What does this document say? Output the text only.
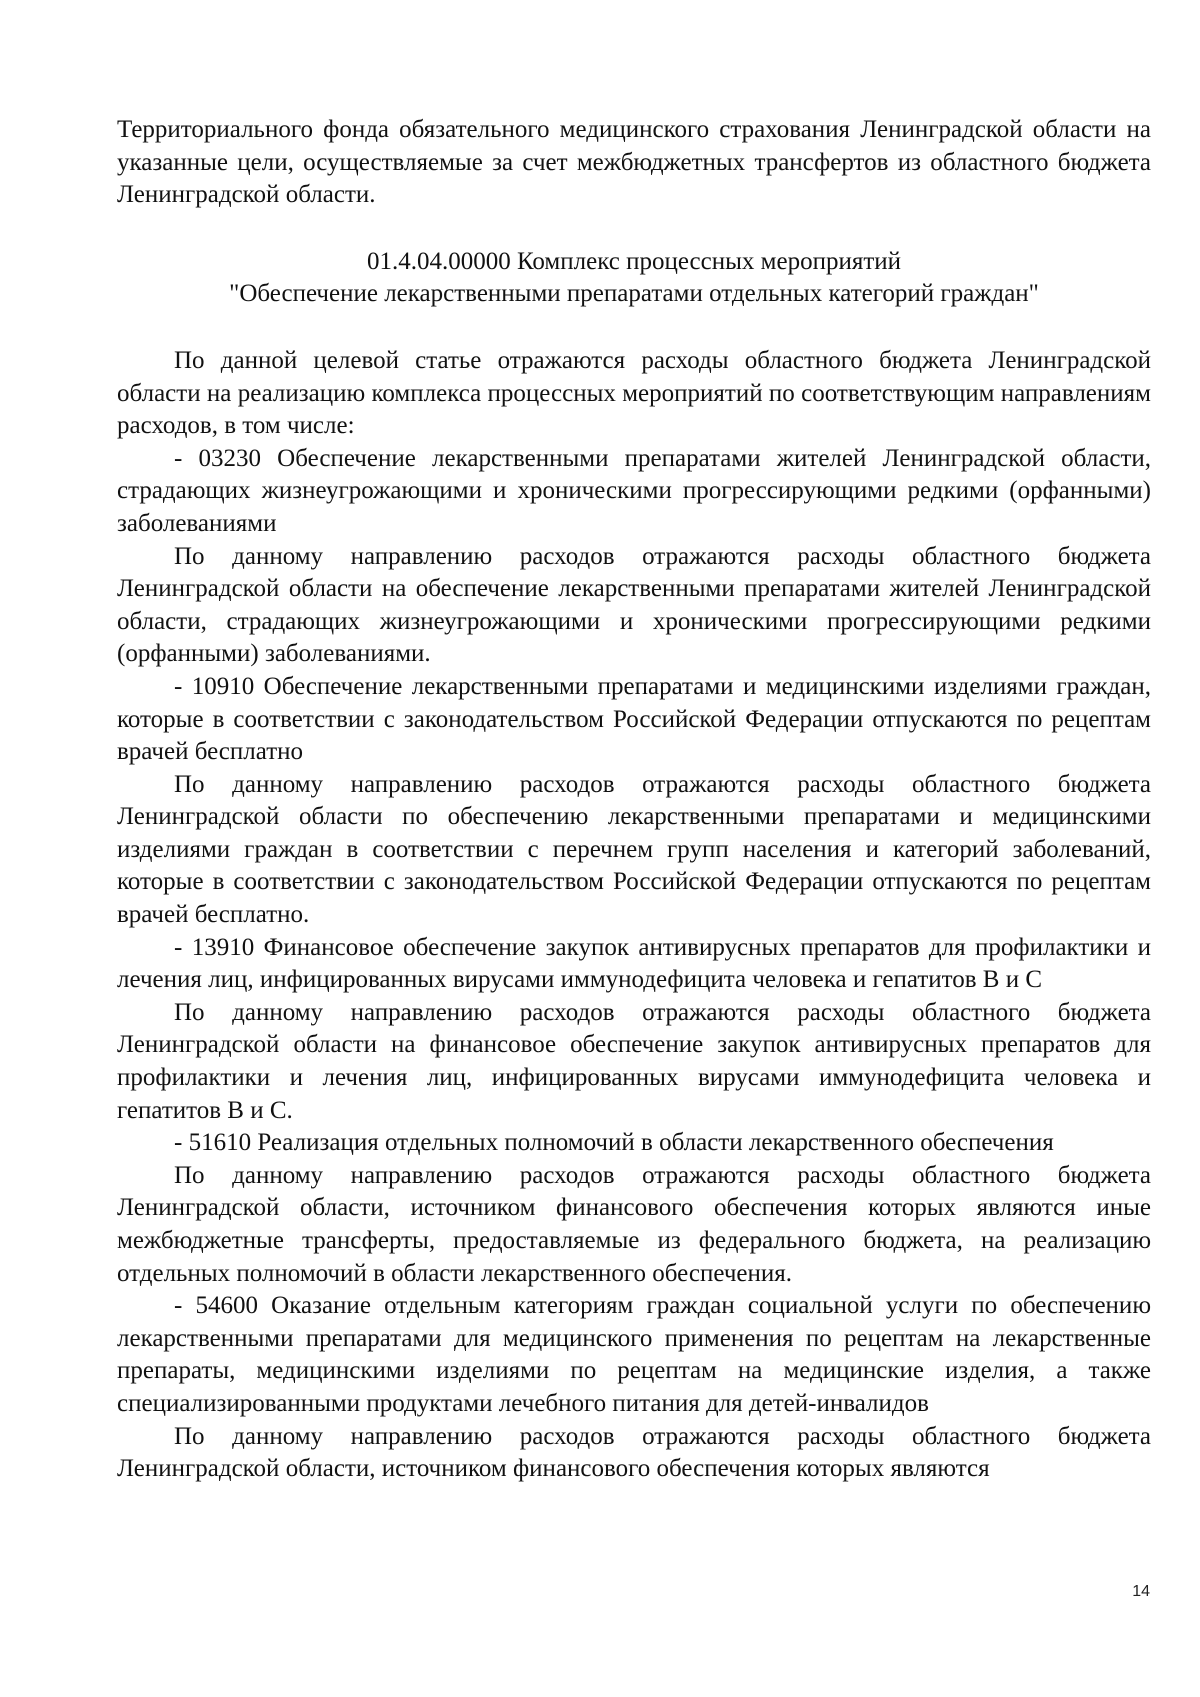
Территориального фонда обязательного медицинского страхования Ленинградской области на указанные цели, осуществляемые за счет межбюджетных трансфертов из областного бюджета Ленинградской области.

01.4.04.00000 Комплекс процессных мероприятий
"Обеспечение лекарственными препаратами отдельных категорий граждан"

По данной целевой статье отражаются расходы областного бюджета Ленинградской области на реализацию комплекса процессных мероприятий по соответствующим направлениям расходов, в том числе:

- 03230 Обеспечение лекарственными препаратами жителей Ленинградской области, страдающих жизнеугрожающими и хроническими прогрессирующими редкими (орфанными) заболеваниями

По данному направлению расходов отражаются расходы областного бюджета Ленинградской области на обеспечение лекарственными препаратами жителей Ленинградской области, страдающих жизнеугрожающими и хроническими прогрессирующими редкими (орфанными) заболеваниями.

- 10910 Обеспечение лекарственными препаратами и медицинскими изделиями граждан, которые в соответствии с законодательством Российской Федерации отпускаются по рецептам врачей бесплатно

По данному направлению расходов отражаются расходы областного бюджета Ленинградской области по обеспечению лекарственными препаратами и медицинскими изделиями граждан в соответствии с перечнем групп населения и категорий заболеваний, которые в соответствии с законодательством Российской Федерации отпускаются по рецептам врачей бесплатно.

- 13910 Финансовое обеспечение закупок антивирусных препаратов для профилактики и лечения лиц, инфицированных вирусами иммунодефицита человека и гепатитов В и С

По данному направлению расходов отражаются расходы областного бюджета Ленинградской области на финансовое обеспечение закупок антивирусных препаратов для профилактики и лечения лиц, инфицированных вирусами иммунодефицита человека и гепатитов В и С.

- 51610 Реализация отдельных полномочий в области лекарственного обеспечения

По данному направлению расходов отражаются расходы областного бюджета Ленинградской области, источником финансового обеспечения которых являются иные межбюджетные трансферты, предоставляемые из федерального бюджета, на реализацию отдельных полномочий в области лекарственного обеспечения.

- 54600 Оказание отдельным категориям граждан социальной услуги по обеспечению лекарственными препаратами для медицинского применения по рецептам на лекарственные препараты, медицинскими изделиями по рецептам на медицинские изделия, а также специализированными продуктами лечебного питания для детей-инвалидов

По данному направлению расходов отражаются расходы областного бюджета Ленинградской области, источником финансового обеспечения которых являются

14
